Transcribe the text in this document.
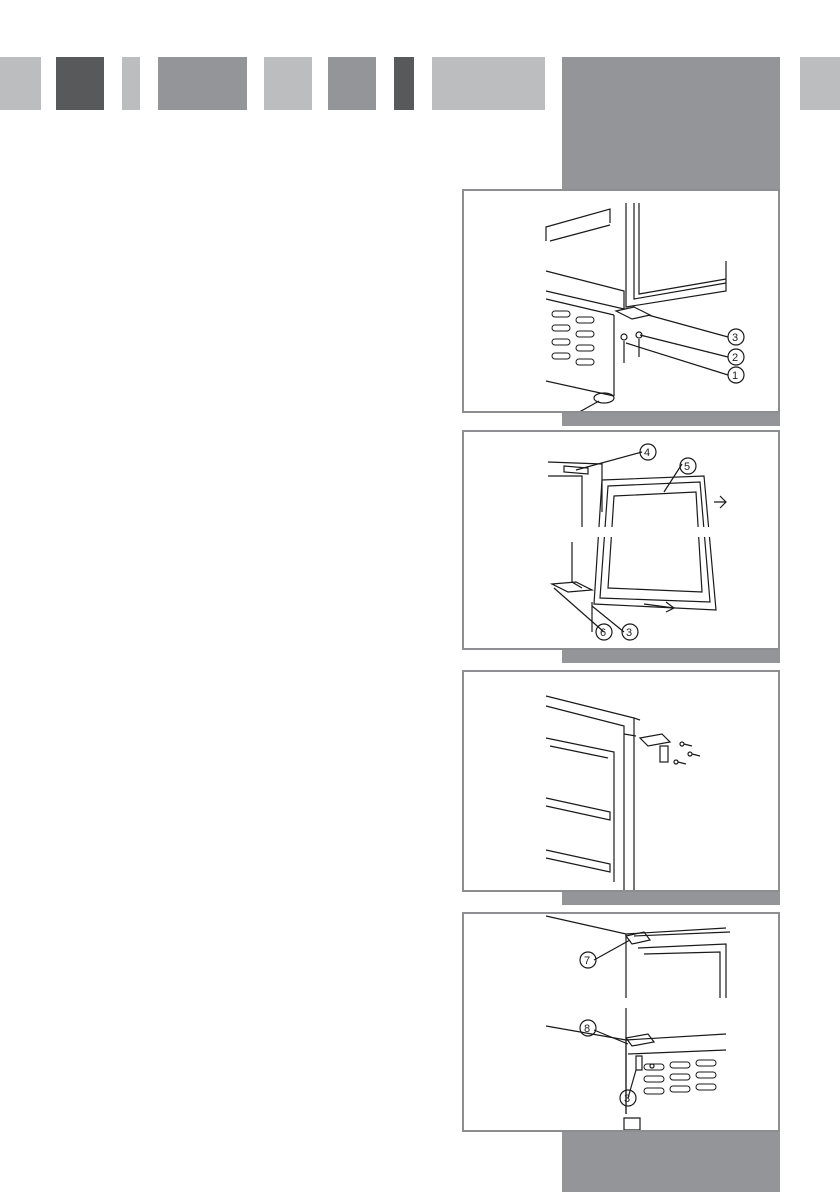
3
2
1
4
5
6 3
7
8
3
